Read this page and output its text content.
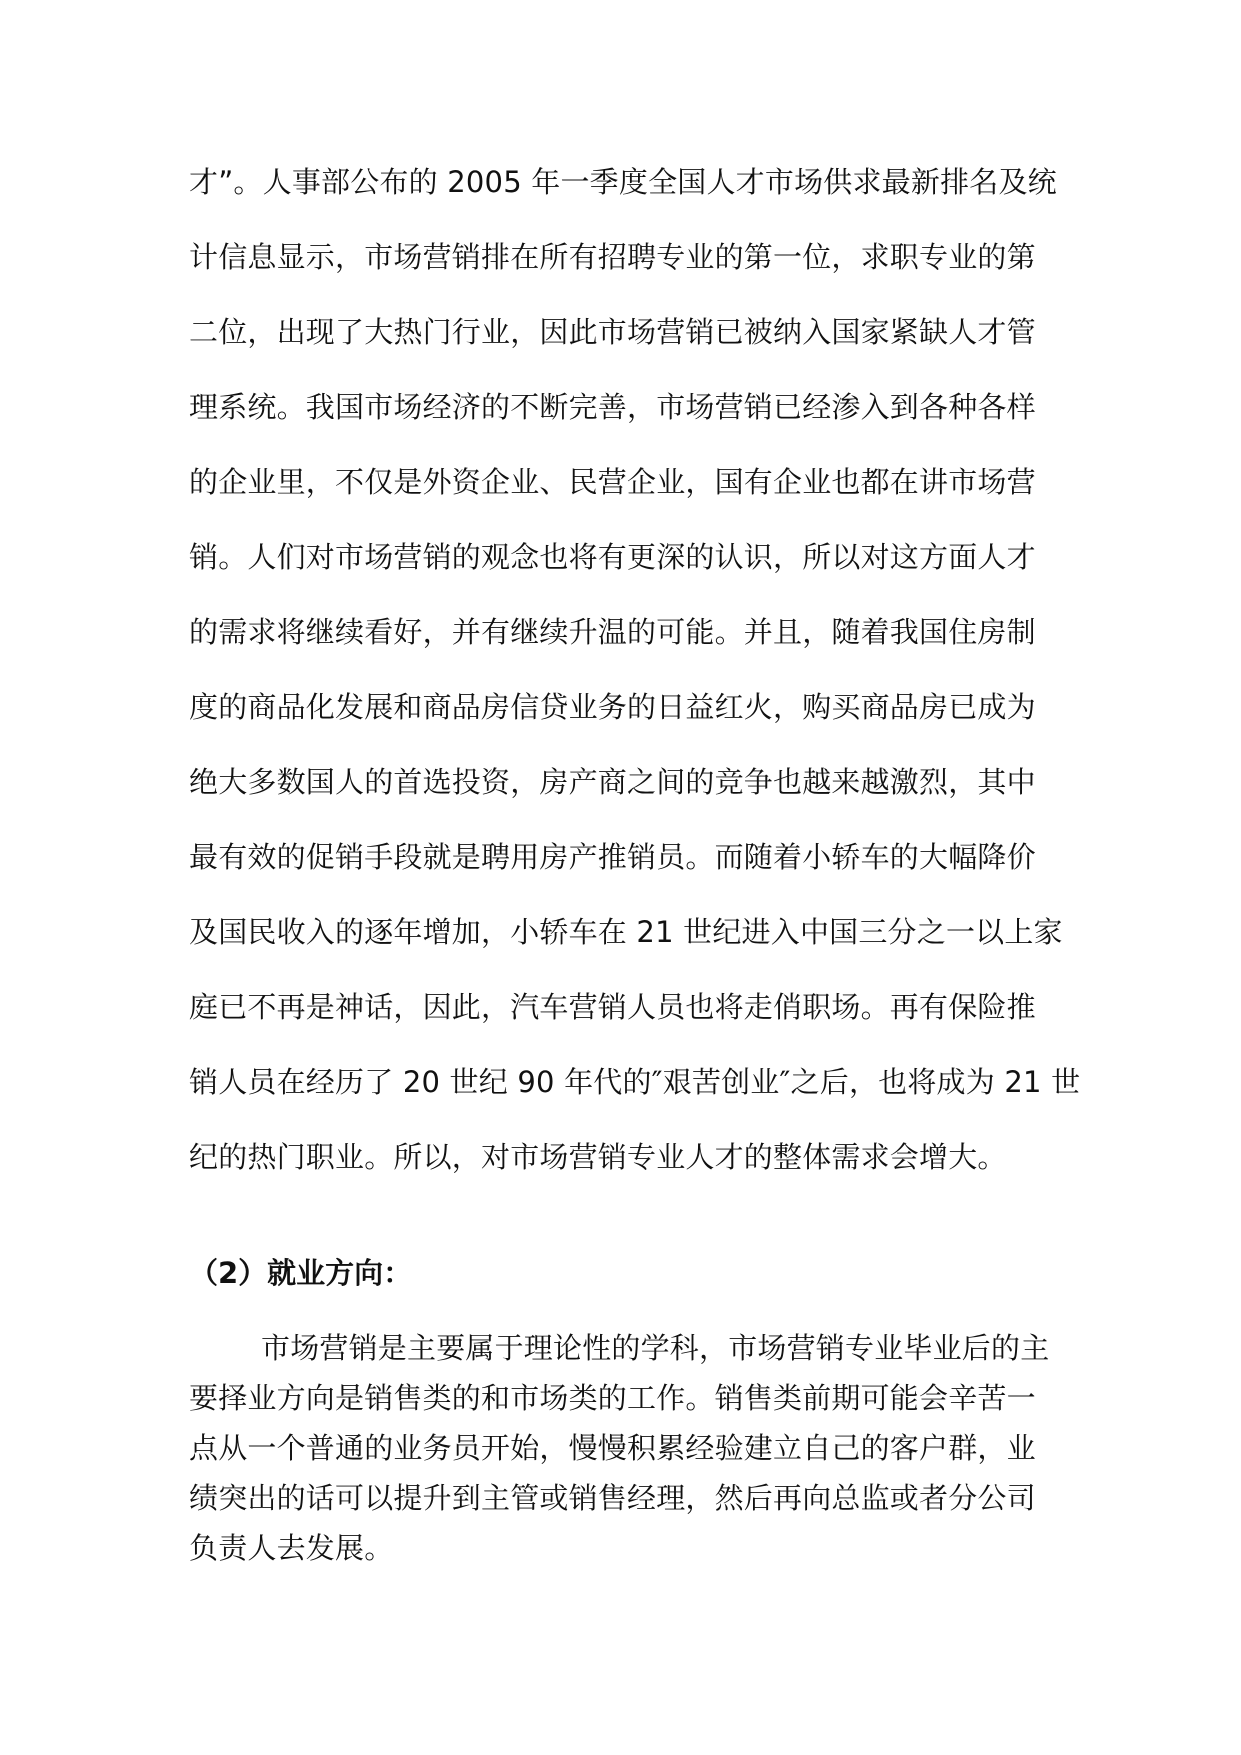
才”。人事部公布的 2005 年一季度全国人才市场供求最新排名及统
计信息显示，市场营销排在所有招聘专业的第一位，求职专业的第
二位，出现了大热门行业，因此市场营销已被纳入国家紧缺人才管
理系统。我国市场经济的不断完善，市场营销已经渗入到各种各样
的企业里，不仅是外资企业、民营企业，国有企业也都在讲市场营
销。人们对市场营销的观念也将有更深的认识，所以对这方面人才
的需求将继续看好，并有继续升温的可能。并且，随着我国住房制
度的商品化发展和商品房信贷业务的日益红火，购买商品房已成为
绝大多数国人的首选投资，房产商之间的竞争也越来越激烈，其中
最有效的促销手段就是聘用房产推销员。而随着小轿车的大幅降价
及国民收入的逐年增加，小轿车在 21 世纪进入中国三分之一以上家
庭已不再是神话，因此，汽车营销人员也将走俏职场。再有保险推
销人员在经历了 20 世纪 90 年代的″艰苦创业″之后，也将成为 21 世
纪的热门职业。所以，对市场营销专业人才的整体需求会增大。
（2）就业方向：
市场营销是主要属于理论性的学科，市场营销专业毕业后的主
要择业方向是销售类的和市场类的工作。销售类前期可能会辛苦一
点从一个普通的业务员开始，慢慢积累经验建立自己的客户群，业
绩突出的话可以提升到主管或销售经理，然后再向总监或者分公司
负责人去发展。
